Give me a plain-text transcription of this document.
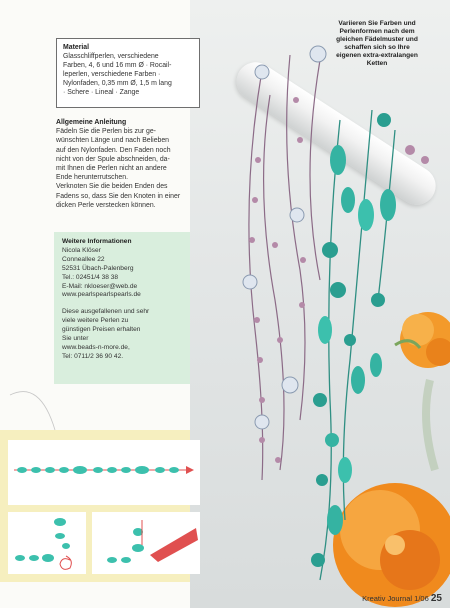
Variieren Sie Farben und
Perlenformen nach dem
gleichen Fädelmuster und
schaffen sich so Ihre
eigenen extra-extralangen
Ketten
Material
Glasschliffperlen, verschiedene
Farben, 4, 6 und 16 mm Ø · Rocail-
leperlen, verschiedene Farben ·
Nylonfaden, 0,35 mm Ø, 1,5 m lang
· Schere · Lineal · Zange
Allgemeine Anleitung
Fädeln Sie die Perlen bis zur ge-
wünschten Länge und nach Belieben
auf den Nylonfaden. Den Faden noch
nicht von der Spule abschneiden, da-
mit Ihnen die Perlen nicht an andere
Ende herunterrutschen.
Verknoten Sie die beiden Enden des
Fadens so, dass Sie den Knoten in einer
dicken Perle verstecken können.
Weitere Informationen
Nicola Klöser
Conneallee 22
52531 Übach-Palenberg
Tel.: 02451/4 38 38
E-Mail: nkloeser@web.de
www.pearlspearlspearls.de
Diese ausgefallenen und sehr
viele weitere Perlen zu
günstigen Preisen erhalten
Sie unter
www.beads-n-more.de,
Tel: 0711/2 36 90 42.
Kreativ Journal 1/06 25
